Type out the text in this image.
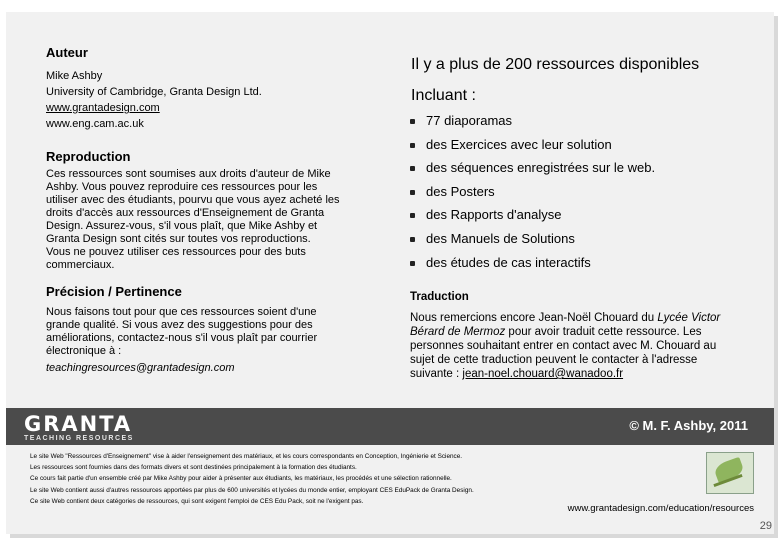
Auteur
Mike Ashby
University of Cambridge, Granta Design Ltd.
www.grantadesign.com
www.eng.cam.ac.uk
Reproduction
Ces ressources sont soumises aux droits d'auteur de Mike
Ashby. Vous pouvez reproduire ces ressources pour les
utiliser avec des étudiants, pourvu que vous ayez acheté les
droits d'accès aux ressources d'Enseignement de Granta
Design. Assurez-vous, s'il vous plaît, que Mike Ashby et
Granta Design sont cités sur toutes vos reproductions.
Vous ne pouvez utiliser ces ressources pour des buts
commerciaux.
Précision / Pertinence
Nous faisons tout pour que ces ressources soient d'une
grande qualité. Si vous avez des suggestions pour des
améliorations, contactez-nous s'il vous plaît par courrier
électronique à :
teachingresources@grantadesign.com
Il y a plus de 200 ressources disponibles
Incluant :
77 diaporamas
des Exercices avec leur solution
des séquences enregistrées sur le web.
des Posters
des Rapports d'analyse
des Manuels de Solutions
des études de cas interactifs
Traduction
Nous remercions encore Jean-Noël Chouard du Lycée Victor
Bérard de Mermoz pour avoir traduit cette ressource. Les
personnes souhaitant entrer en contact avec M. Chouard au
sujet de cette traduction peuvent le contacter à l'adresse
suivante : jean-noel.chouard@wanadoo.fr
GRANTA
TEACHING RESOURCES
© M. F. Ashby, 2011
Le site Web "Ressources d'Enseignement" vise à aider l'enseignement des matériaux, et les cours correspondants en Conception, Ingénierie et Science.
Les ressources sont fournies dans des formats divers et sont destinées principalement à la formation des étudiants.
Ce cours fait partie d'un ensemble créé par Mike Ashby pour aider à présenter aux étudiants, les matériaux, les procédés et une sélection rationnelle.
Le site Web contient aussi d'autres ressources apportées par plus de 600 universités et lycées du monde entier, employant CES EduPack de Granta Design.
Ce site Web contient deux catégories de ressources, qui sont exigent l'emploi de CES Edu Pack, soit ne l'exigent pas.
www.grantadesign.com/education/resources
29
